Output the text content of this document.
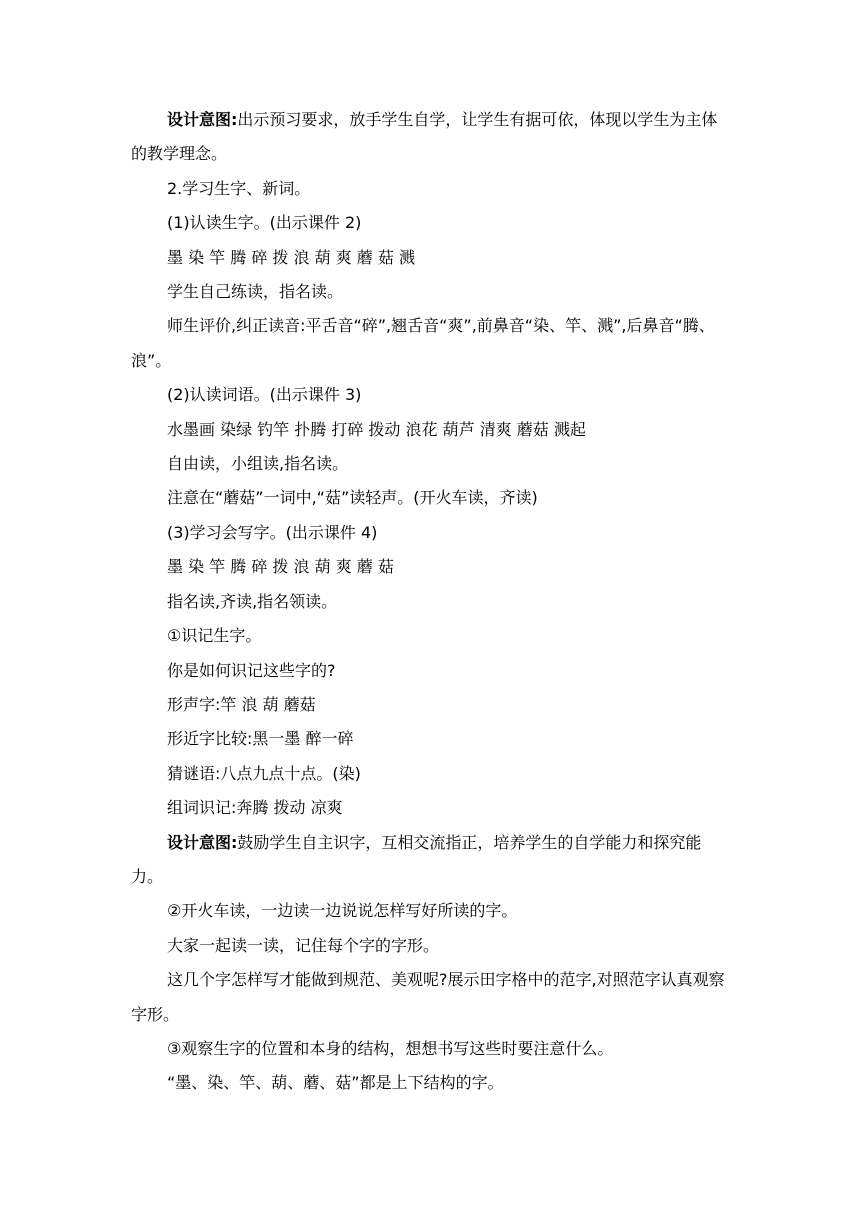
设计意图:出示预习要求，放手学生自学，让学生有据可依，体现以学生为主体的教学理念。

2.学习生字、新词。

(1)认读生字。(出示课件 2)

墨 染 竿 腾 碎 拨 浪 葫 爽 蘑 菇 溅

学生自己练读，指名读。

师生评价,纠正读音:平舌音“碎”,翘舌音“爽”,前鼻音“染、竿、溅”,后鼻音“腾、浪”。

(2)认读词语。(出示课件 3)

水墨画 染绿 钓竿 扑腾 打碎 拨动 浪花 葫芦 清爽 蘑菇 溅起

自由读，小组读,指名读。

注意在“蘑菇”一词中,“菇”读轻声。(开火车读，齐读)

(3)学习会写字。(出示课件 4)

墨 染 竿 腾 碎 拨 浪 葫 爽 蘑 菇

指名读,齐读,指名领读。

①识记生字。

你是如何识记这些字的?

形声字:竿 浪 葫 蘑菇

形近字比较:黑一墨 醉一碎

猜谜语:八点九点十点。(染)

组词识记:奔腾 拨动 凉爽

设计意图:鼓励学生自主识字，互相交流指正，培养学生的自学能力和探究能力。

②开火车读，一边读一边说说怎样写好所读的字。

大家一起读一读，记住每个字的字形。

这几个字怎样写才能做到规范、美观呢?展示田字格中的范字,对照范字认真观察字形。

③观察生字的位置和本身的结构，想想书写这些时要注意什么。

“墨、染、竿、葫、蘑、菇”都是上下结构的字。
